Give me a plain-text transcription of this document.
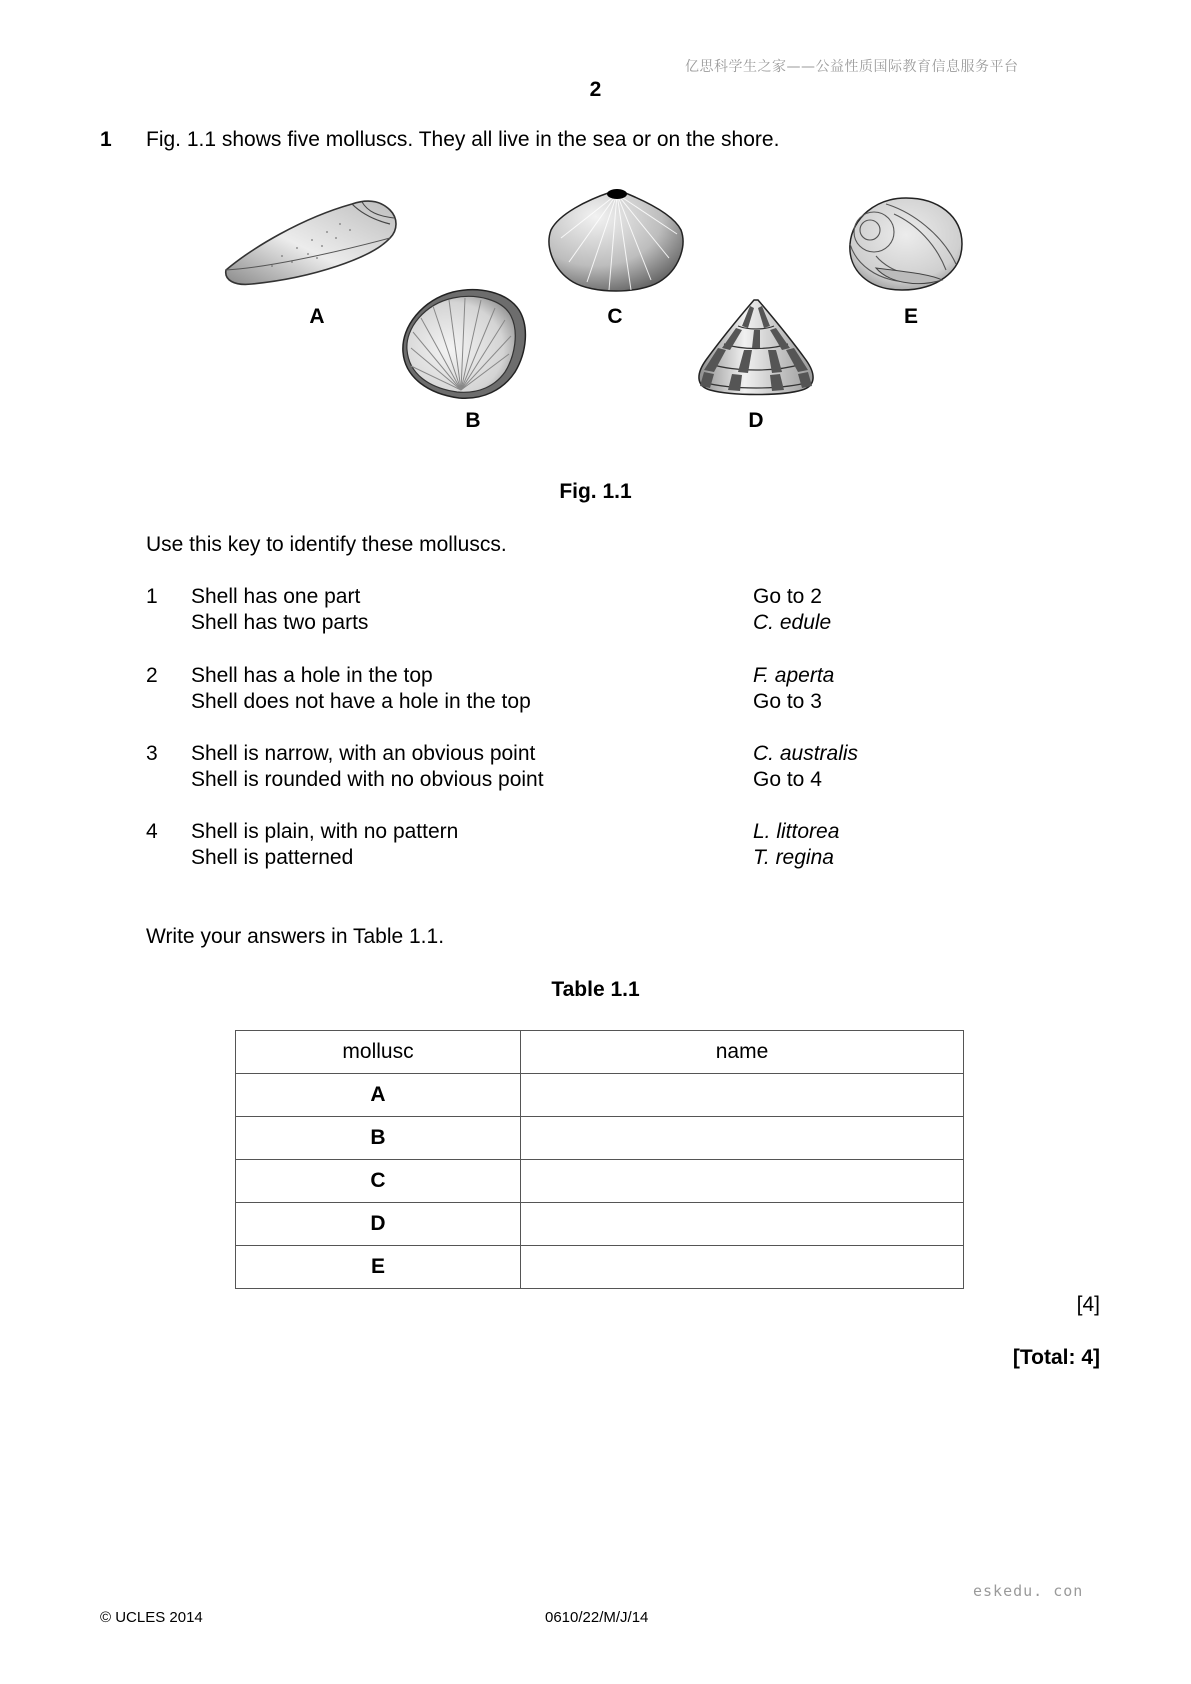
亿思科学生之家——公益性质国际教育信息服务平台
2
1 Fig. 1.1 shows five molluscs. They all live in the sea or on the shore.
A
B
C
D
E
Fig. 1.1
Use this key to identify these molluscs.
1 Shell has one part	Go to 2
Shell has two parts	C. edule
2 Shell has a hole in the top	F. aperta
Shell does not have a hole in the top	Go to 3
3 Shell is narrow, with an obvious point	C. australis
Shell is rounded with no obvious point	Go to 4
4 Shell is plain, with no pattern	L. littorea
Shell is patterned	T. regina
Write your answers in Table 1.1.
Table 1.1
mollusc	name
A	
B	
C	
D	
E	
[4]
[Total: 4]
eskedu. con
© UCLES 2014	0610/22/M/J/14
